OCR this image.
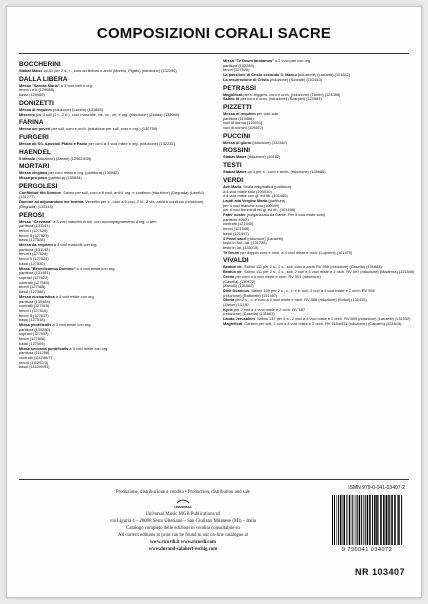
COMPOSIZIONI CORALI SACRE
BOCCHERINI
Stabat Mater op.61 per 2 s., t., coro ad libitum e archi (Morelo, Pigato) (riduzione) (132296)
DALLA LIBERA
Messa "Sancta Maria" a 3 voci virili e org.
tenori I e II (129988)
bassi (129989)
DONIZETTI
Messa di requiem (riduzione) (Lavelo) (131855)
Miserere per 4 soli (2 t., 2 b.), coro maschile, vle, vc., cb. e org. (riduzione) (Zedda) (132040)
FARINA
Messa dei poveri per soli, coro e orch. (riduzione per soli, coro e org.) (130759)
FURGERI
Messa ad SS. Apostoli Platro e Paolo per coro a 4 voci miste e org. (riduzione) (132232)
HAENDEL
Il Messia (riduzione) (Zanon) (129624/35)
MORTARI
Messa elegiaca per coro misto e org. (partitura) (130982)
Missa pro pace (partitura) (130644)
PERGOLESI
Confitebor tibi Domine. Salmo per soli, coro a 5 voci, archi, org. e continuo (riduzione) (Degrada) (Lavelo) (131777)
Domine ad adjuvandum me festina. Versetto per s., coro a 5 voci, 2 vl., 2 vle, archi e continuo (riduzione) (Degrada) (133113)
PEROSI
Messa "Cerviana" a 3 voci maschili in mir. con accompagnamento d'org. o arm.
partitura (131141)
tenori I (127526)
tenori II (127527)
bassi (127528)
Messa da requiem a 3 voci maschili con org.
partitura (131142)
tenori I (127528)
tenori II (127529)
bassi (127530)
Missa "Benedicamus Domino" a 4 voci miste con org.
partitura (131481)
soprani (127522)
contralti (127584)
tenori (127585)
bassi (127586)
Messa eucharistica a 4 voci miste con org.
partitura (130484)
contralti (127515)
tenori I (127516)
tenori II (127517)
bassi (127518)
Missa pontificalis a 3 voci miste con org.
partitura (130280)
soprani (127507)
tenori (127508)
bassi (127509)
Missa secunda pontificalis a 3 voci miste con org.
partitura (111288)
contralti (111286/7)
tenori (111292/3)
bassi (111290/91)
Missa "Te Deum laudamus" a 2 voci pari con org.
partitura (102289)
tenori (127520)
La passione di Cristo secondo S. Marco (riduzione) (Lanzetti) (101642)
La resurrezione di Cristo (riduzione) (Socrate) (102443)
PETRASSI
Magnificat per s. leggero, coro e orch. (riduzione) (Turchi) (124388)
Salmo IX per coro e orch. (riduzione) (Scarpini) (123983)
PIZZETTI
Messa di requiem per voci sole
partitura (119486)
voci di donna (119491)
voci di uomini (119492)
PUCCINI
Messa di gloria (riduzione) (132467)
ROSSINI
Stabat Mater (riduzione) (49182)
TESTI
Stabat Mater op.3 per s., coro e archi. (riduzione) (128668)
VERDI
Ave Maria. Scala enigmatica (partitura)
a 4 voci miste solo (100010)
a 4 voci miste con gl. ed itb. (101460)
Laudi alla Vergine Maria (partitura)
per 4 voci bianche solo (100009)
per 4 voci femminili ed gl. ed itb. (101468)
Pater noster (volgarizzato da Dante. Per 5 voci miste solo)
partitura 46621
contralti (121545)
tenori (121546)
bassi (121547)
4 Pezzi sacri (riduzione) (Lanzetti)
testo in ital., lat. (131726)
testo in lat. (133015)
Te Deum per doppio coro e orch. a 4 voci miste e orch. (Luporini) (101470)
VIVALDI
Beatus vir. Salmo 111 per 2 s., 2 c., soli, coro e archi RV 598 (riduzione) (Casella) (131684)
Beatus vir. Salmo 111 per 2 s., 2 c., soli, 2 cori e 4 voci miste e 2 orch. RV 597 (riduzione) (Maderna) (131546)
Credo per coro a 4 voci miste e orch. RV 591 (riduzione)
(Casella) (130472)
(Zanolli) (131582)
Dixit Dominus. Salmo 109 per 2 s., c., t. e b. soli, 2 cori a 4 voci miste e 2 orch. RV 594
(riduzione) (Rafanetti) (131467)
Gloria per 2 s., c. e coro a 4 voci miste e orch. RV 588 (riduzione) (Sokol) (131415)
(Zanon) 13130
Kyrie per 2 cori a 4 voci miste e 2 orch. RV 587
(riduzione) (Casella) (131663)
Lauda Jerusalem. Salmo 147 per 4 s., 2 voci a 4 voci miste e 2 orch. RV 609 (riduzione) (Lanzetti) (131532)
Magnificat. Cantico per soli, 2 cori a 4 voci miste e 2 orch. RV 610a/611 (riduzione) (Calvario) (131615)
Produzione, distribuzione e vendita • Production, distribution and sale
UNIVERSAL
Universal Music MGB Publications srl
via Liguria 4 – 20098 Sesto Ulteriano – San Giuliano Milanese (MI) – Italia
Catalogo completo delle edizioni in vendita consultabile su
All current editions in print can be found in our on-line catalogue at
www.ricordi.it www.ricordi.com
www.durand-salabert-eschig.com
ISMN 979-0-041-03407-2
9 790041 034072
NR 103407
